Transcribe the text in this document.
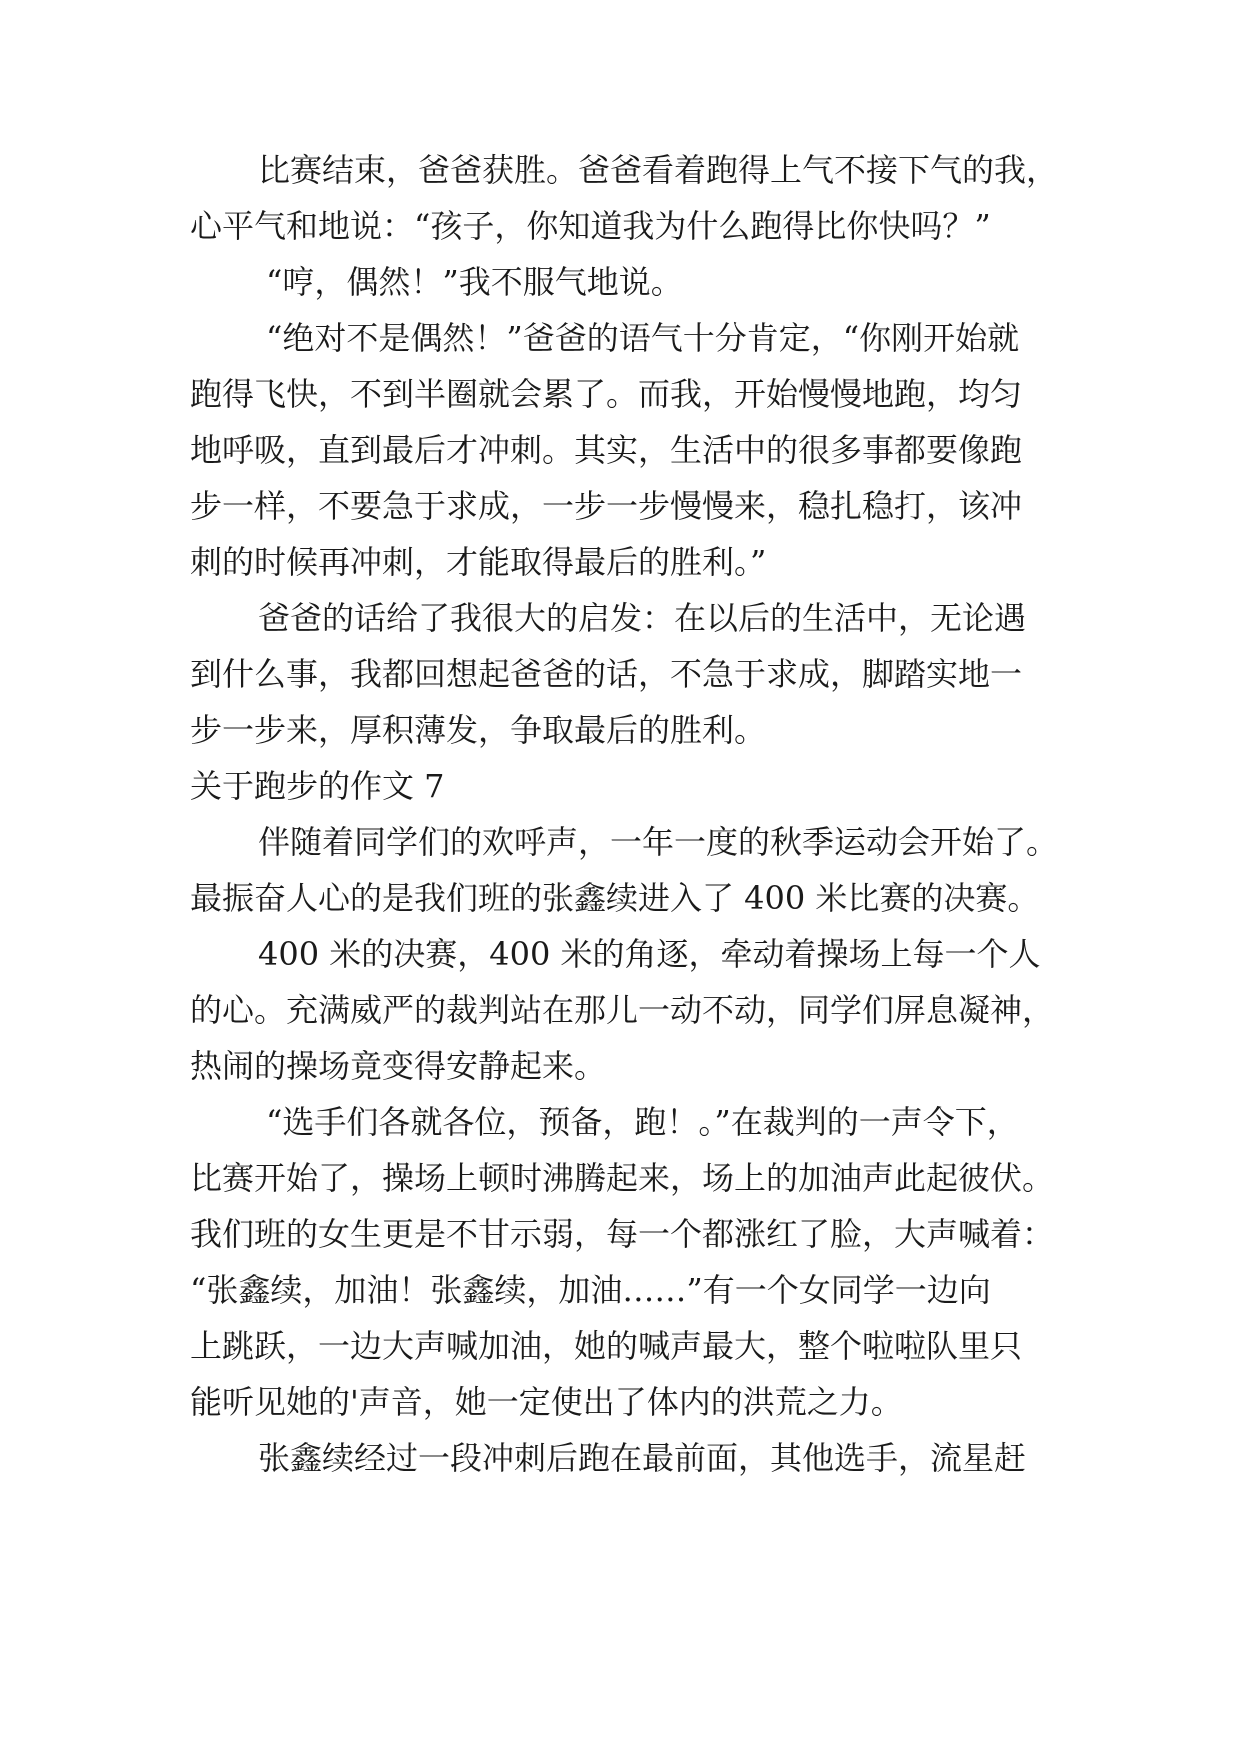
比赛结束，爸爸获胜。爸爸看着跑得上气不接下气的我，
心平气和地说：“孩子，你知道我为什么跑得比你快吗？”
“哼，偶然！”我不服气地说。
“绝对不是偶然！”爸爸的语气十分肯定，“你刚开始就
跑得飞快，不到半圈就会累了。而我，开始慢慢地跑，均匀
地呼吸，直到最后才冲刺。其实，生活中的很多事都要像跑
步一样，不要急于求成，一步一步慢慢来，稳扎稳打，该冲
刺的时候再冲刺，才能取得最后的胜利。”
爸爸的话给了我很大的启发：在以后的生活中，无论遇
到什么事，我都回想起爸爸的话，不急于求成，脚踏实地一
步一步来，厚积薄发，争取最后的胜利。
关于跑步的作文 7
伴随着同学们的欢呼声，一年一度的秋季运动会开始了。
最振奋人心的是我们班的张鑫续进入了 400 米比赛的决赛。
400 米的决赛，400 米的角逐，牵动着操场上每一个人
的心。充满威严的裁判站在那儿一动不动，同学们屏息凝神，
热闹的操场竟变得安静起来。
“选手们各就各位，预备，跑！。”在裁判的一声令下，
比赛开始了，操场上顿时沸腾起来，场上的加油声此起彼伏。
我们班的女生更是不甘示弱，每一个都涨红了脸，大声喊着：
“张鑫续，加油！张鑫续，加油……”有一个女同学一边向
上跳跃，一边大声喊加油，她的喊声最大，整个啦啦队里只
能听见她的'声音，她一定使出了体内的洪荒之力。
张鑫续经过一段冲刺后跑在最前面，其他选手，流星赶
